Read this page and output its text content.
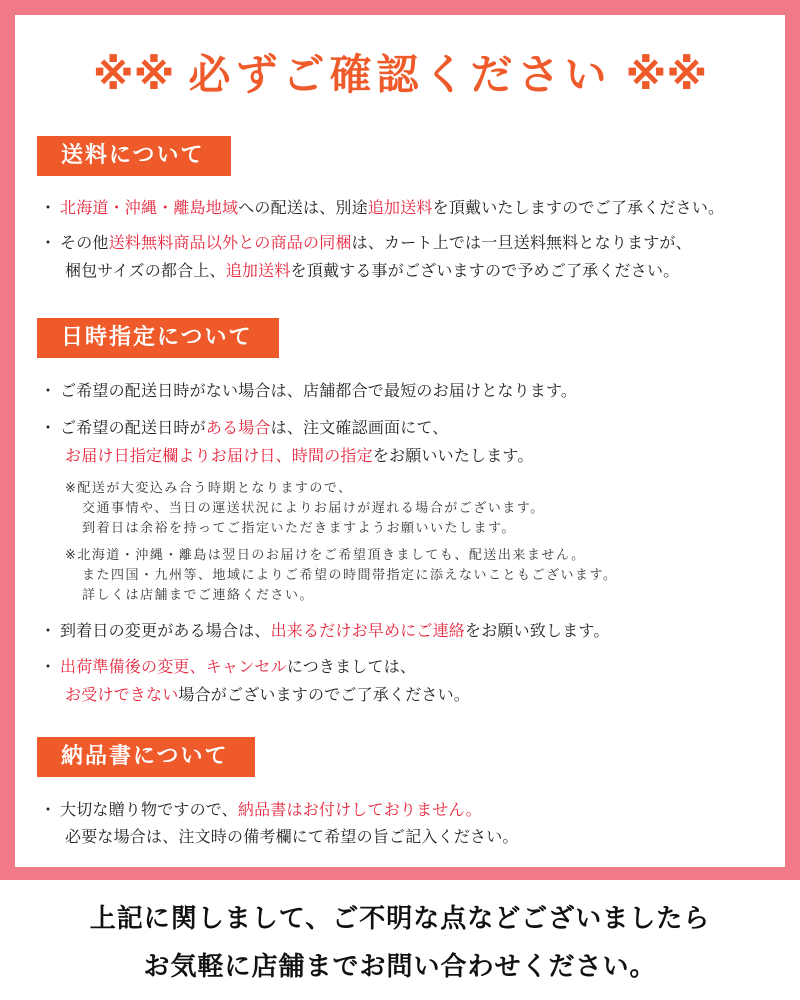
※※ 必ずご確認ください ※※
送料について
・ 北海道・沖縄・離島地域への配送は、別途追加送料を頂戴いたしますのでご了承ください。
・ その他送料無料商品以外との商品の同梱は、カート上では一旦送料無料となりますが、
梱包サイズの都合上、追加送料を頂戴する事がございますので予めご了承ください。
日時指定について
・ ご希望の配送日時がない場合は、店舗都合で最短のお届けとなります。
・ ご希望の配送日時がある場合は、注文確認画面にて、
お届け日指定欄よりお届け日、時間の指定をお願いいたします。
※配送が大変込み合う時期となりますので、
交通事情や、当日の運送状況によりお届けが遅れる場合がございます。
到着日は余裕を持ってご指定いただきますようお願いいたします。
※北海道・沖縄・離島は翌日のお届けをご希望頂きましても、配送出来ません。
また四国・九州等、地域によりご希望の時間帯指定に添えないこともございます。
詳しくは店舗までご連絡ください。
・ 到着日の変更がある場合は、出来るだけお早めにご連絡をお願い致します。
・ 出荷準備後の変更、キャンセルにつきましては、
お受けできない場合がございますのでご了承ください。
納品書について
・ 大切な贈り物ですので、納品書はお付けしておりません。
必要な場合は、注文時の備考欄にて希望の旨ご記入ください。
上記に関しまして、ご不明な点などございましたら
お気軽に店舗までお問い合わせください。
